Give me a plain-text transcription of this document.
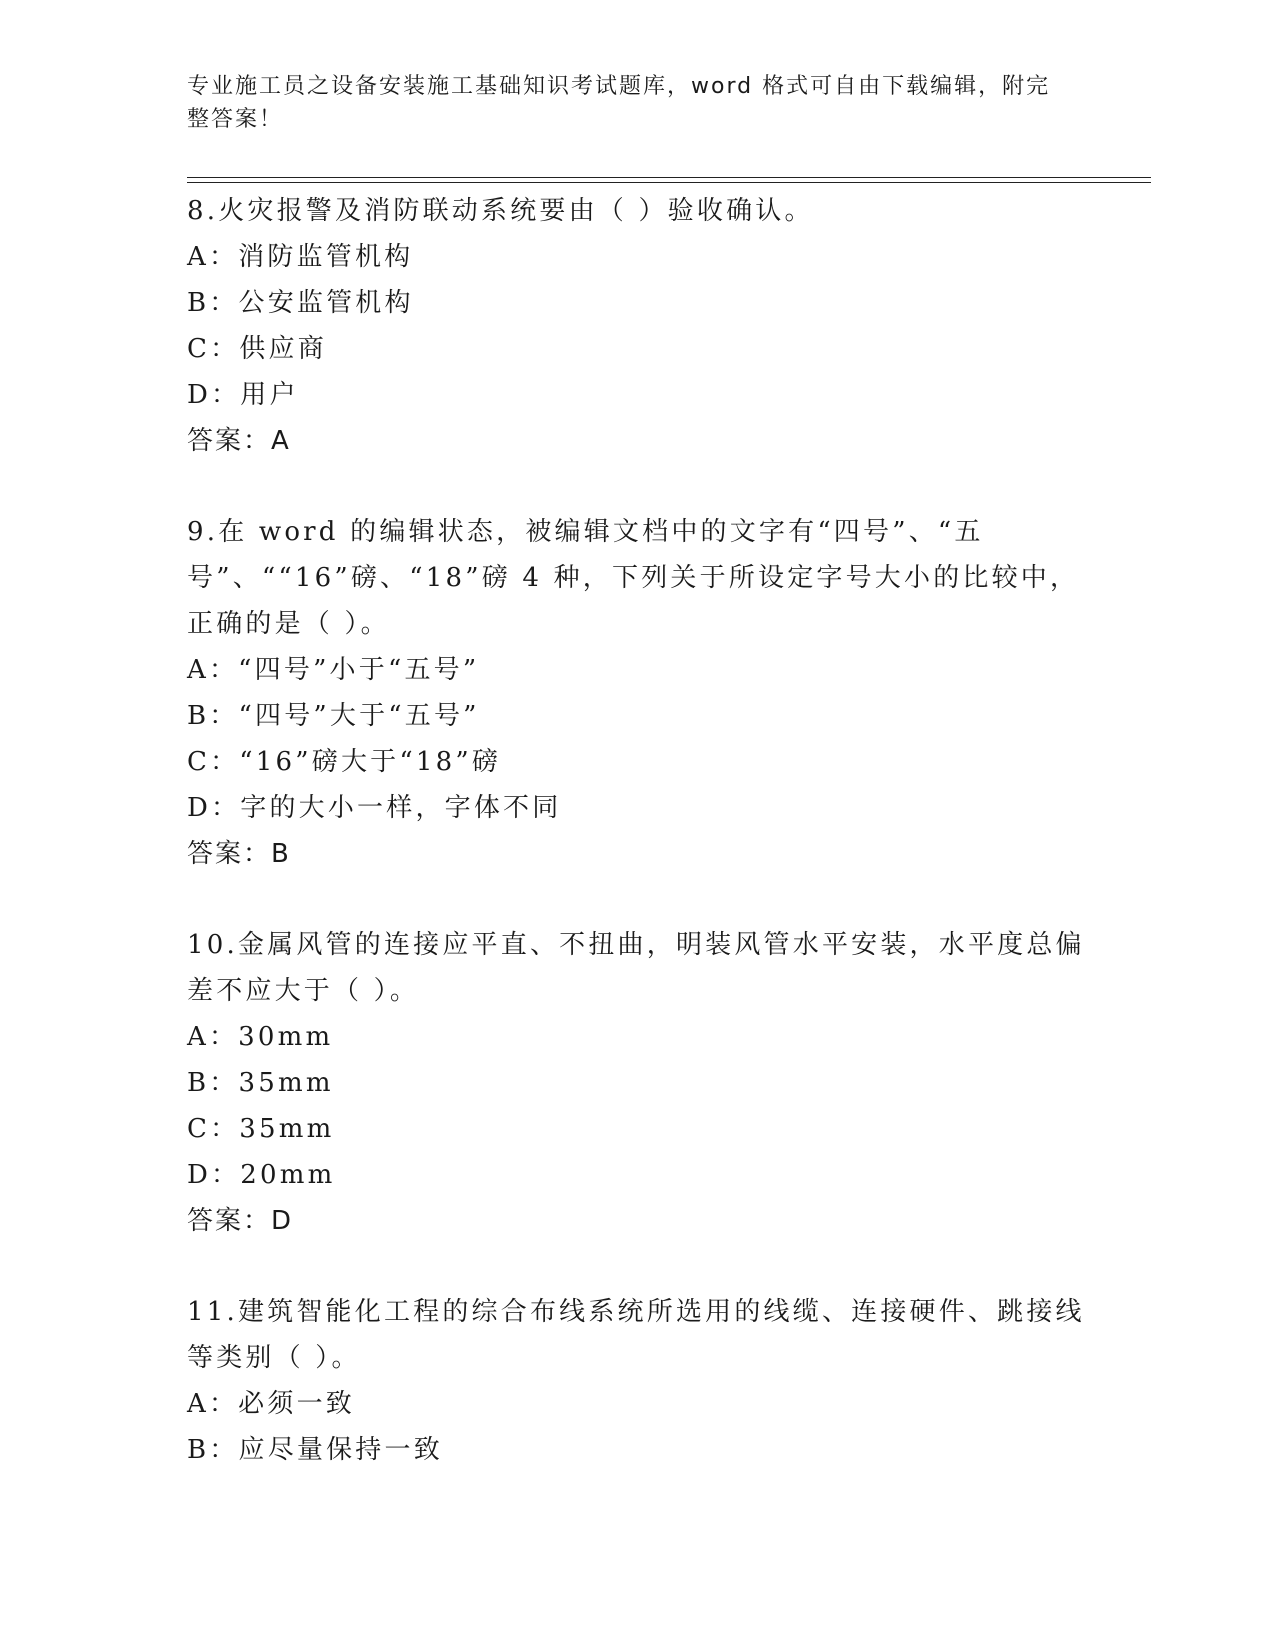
专业施工员之设备安装施工基础知识考试题库，word 格式可自由下载编辑，附完整答案！

8.火灾报警及消防联动系统要由（ ）验收确认。

A：消防监管机构

B：公安监管机构

C：供应商

D：用户

答案：A

9.在 word 的编辑状态，被编辑文档中的文字有“四号”、“五号”、““16”磅、“18”磅 4 种，下列关于所设定字号大小的比较中，正确的是（ ）。

A：“四号”小于“五号”

B：“四号”大于“五号”

C：“16”磅大于“18”磅

D：字的大小一样，字体不同

答案：B

10.金属风管的连接应平直、不扭曲，明装风管水平安装，水平度总偏差不应大于（ ）。

A：30mm

B：35mm

C：35mm

D：20mm

答案：D

11.建筑智能化工程的综合布线系统所选用的线缆、连接硬件、跳接线等类别（ ）。

A：必须一致

B：应尽量保持一致
